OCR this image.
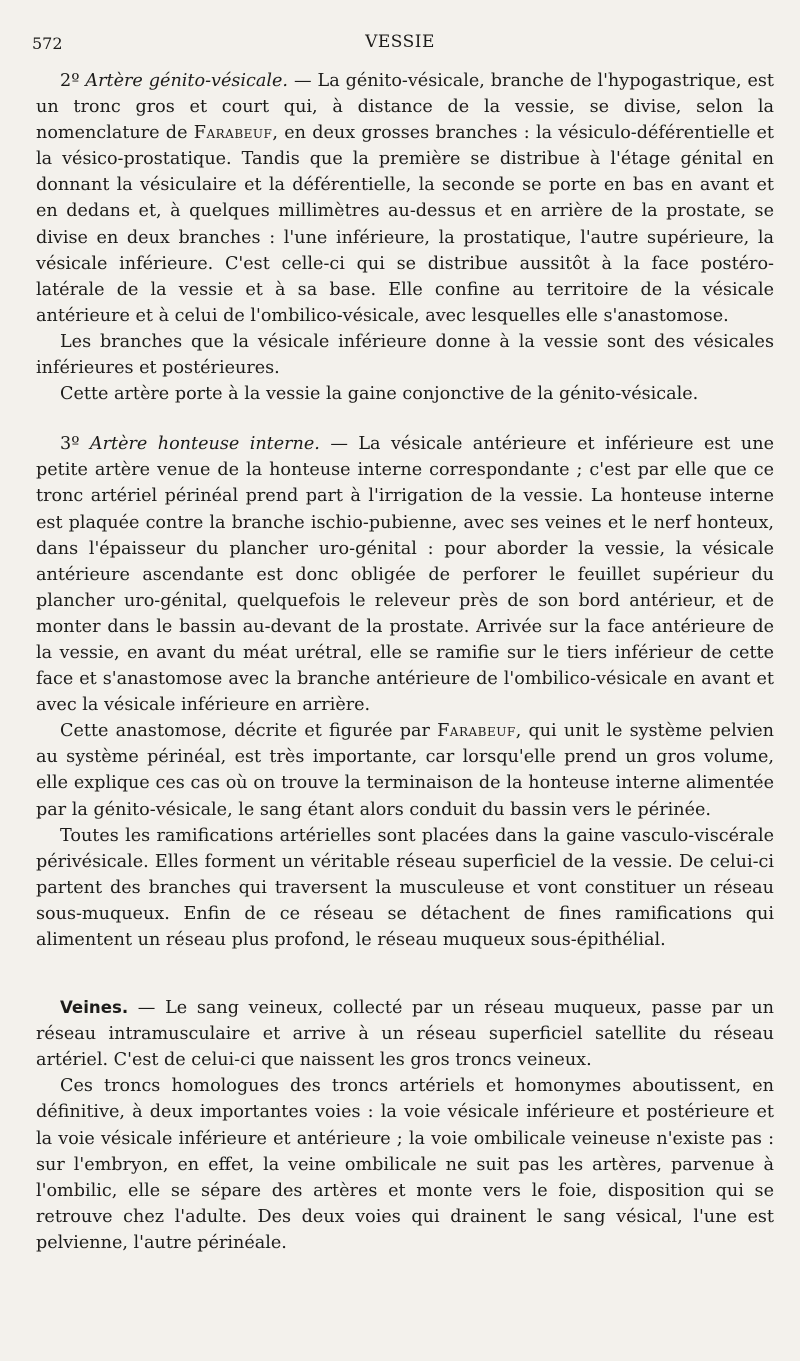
572	VESSIE

2º Artère génito-vésicale. — La génito-vésicale, branche de l'hypogastrique, est un tronc gros et court qui, à distance de la vessie, se divise, selon la nomenclature de Farabeuf, en deux grosses branches : la vésiculo-déférentielle et la vésico-prostatique. Tandis que la première se distribue à l'étage génital en donnant la vésiculaire et la déférentielle, la seconde se porte en bas en avant et en dedans et, à quelques millimètres au-dessus et en arrière de la prostate, se divise en deux branches : l'une inférieure, la prostatique, l'autre supérieure, la vésicale inférieure. C'est celle-ci qui se distribue aussitôt à la face postéro-latérale de la vessie et à sa base. Elle confine au territoire de la vésicale antérieure et à celui de l'ombilico-vésicale, avec lesquelles elle s'anastomose.

Les branches que la vésicale inférieure donne à la vessie sont des vésicales inférieures et postérieures.

Cette artère porte à la vessie la gaine conjonctive de la génito-vésicale.

3º Artère honteuse interne. — La vésicale antérieure et inférieure est une petite artère venue de la honteuse interne correspondante ; c'est par elle que ce tronc artériel périnéal prend part à l'irrigation de la vessie. La honteuse interne est plaquée contre la branche ischio-pubienne, avec ses veines et le nerf honteux, dans l'épaisseur du plancher uro-génital : pour aborder la vessie, la vésicale antérieure ascendante est donc obligée de perforer le feuillet supérieur du plancher uro-génital, quelquefois le releveur près de son bord antérieur, et de monter dans le bassin au-devant de la prostate. Arrivée sur la face antérieure de la vessie, en avant du méat urétral, elle se ramifie sur le tiers inférieur de cette face et s'anastomose avec la branche antérieure de l'ombilico-vésicale en avant et avec la vésicale inférieure en arrière.

Cette anastomose, décrite et figurée par Farabeuf, qui unit le système pelvien au système périnéal, est très importante, car lorsqu'elle prend un gros volume, elle explique ces cas où on trouve la terminaison de la honteuse interne alimentée par la génito-vésicale, le sang étant alors conduit du bassin vers le périnée.

Toutes les ramifications artérielles sont placées dans la gaine vasculo-viscérale périvésicale. Elles forment un véritable réseau superficiel de la vessie. De celui-ci partent des branches qui traversent la musculeuse et vont constituer un réseau sous-muqueux. Enfin de ce réseau se détachent de fines ramifications qui alimentent un réseau plus profond, le réseau muqueux sous-épithélial.

Veines. — Le sang veineux, collecté par un réseau muqueux, passe par un réseau intramusculaire et arrive à un réseau superficiel satellite du réseau artériel. C'est de celui-ci que naissent les gros troncs veineux.

Ces troncs homologues des troncs artériels et homonymes aboutissent, en définitive, à deux importantes voies : la voie vésicale inférieure et postérieure et la voie vésicale inférieure et antérieure ; la voie ombilicale veineuse n'existe pas : sur l'embryon, en effet, la veine ombilicale ne suit pas les artères, parvenue à l'ombilic, elle se sépare des artères et monte vers le foie, disposition qui se retrouve chez l'adulte. Des deux voies qui drainent le sang vésical, l'une est pelvienne, l'autre périnéale.
